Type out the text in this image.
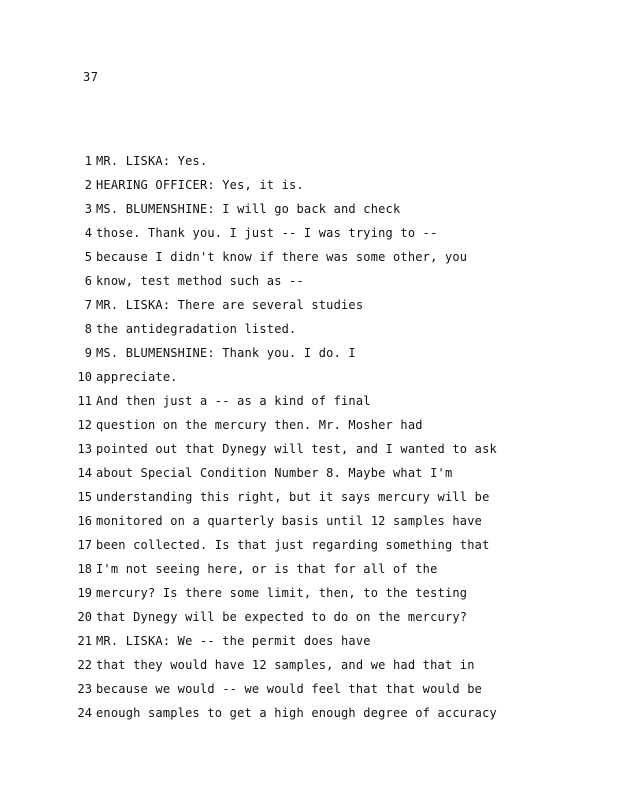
37
1 MR. LISKA: Yes.
2 HEARING OFFICER: Yes, it is.
3 MS. BLUMENSHINE: I will go back and check
4 those. Thank you. I just -- I was trying to --
5 because I didn't know if there was some other, you
6 know, test method such as --
7 MR. LISKA: There are several studies
8 the antidegradation listed.
9 MS. BLUMENSHINE: Thank you. I do. I
10 appreciate.
11 And then just a -- as a kind of final
12 question on the mercury then. Mr. Mosher had
13 pointed out that Dynegy will test, and I wanted to ask
14 about Special Condition Number 8. Maybe what I'm
15 understanding this right, but it says mercury will be
16 monitored on a quarterly basis until 12 samples have
17 been collected. Is that just regarding something that
18 I'm not seeing here, or is that for all of the
19 mercury? Is there some limit, then, to the testing
20 that Dynegy will be expected to do on the mercury?
21 MR. LISKA: We -- the permit does have
22 that they would have 12 samples, and we had that in
23 because we would -- we would feel that that would be
24 enough samples to get a high enough degree of accuracy
